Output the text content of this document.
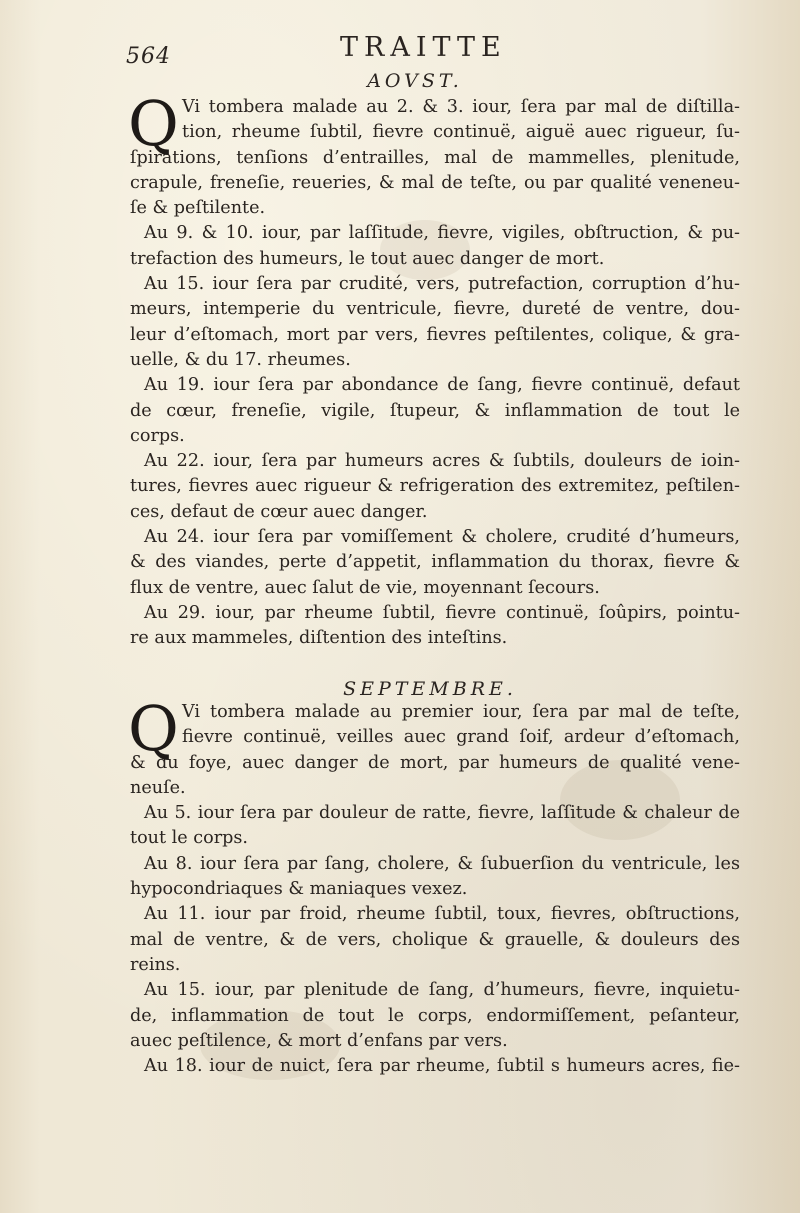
564	TRAITTE
AOVST.
Q Vi tombera malade au 2. & 3. iour, ſera par mal de diſtilla-
tion, rheume ſubtil, fievre continuë, aiguë auec rigueur, ſu-
ſpirations, tenſions d’entrailles, mal de mammelles, plenitude,
crapule, freneſie, reueries, & mal de teſte, ou par qualité veneneu-
ſe & peſtilente.
Au 9. & 10. iour, par laſſitude, fievre, vigiles, obſtruction, & pu-
trefaction des humeurs, le tout auec danger de mort.
Au 15. iour ſera par crudité, vers, putrefaction, corruption d’hu-
meurs, intemperie du ventricule, fievre, dureté de ventre, dou-
leur d’eſtomach, mort par vers, fievres peſtilentes, colique, & gra-
uelle, & du 17. rheumes.
Au 19. iour ſera par abondance de ſang, fievre continuë, defaut
de cœur, freneſie, vigile, ſtupeur, & inflammation de tout le
corps.
Au 22. iour, ſera par humeurs acres & ſubtils, douleurs de ioin-
tures, fievres auec rigueur & refrigeration des extremitez, peſtilen-
ces, defaut de cœur auec danger.
Au 24. iour ſera par vomiſſement & cholere, crudité d’humeurs,
& des viandes, perte d’appetit, inflammation du thorax, fievre &
flux de ventre, auec ſalut de vie, moyennant ſecours.
Au 29. iour, par rheume ſubtil, fievre continuë, ſoûpirs, pointu-
re aux mammeles, diſtention des inteſtins.
SEPTEMBRE.
Q Vi tombera malade au premier iour, ſera par mal de teſte,
fievre continuë, veilles auec grand ſoif, ardeur d’eſtomach,
& du foye, auec danger de mort, par humeurs de qualité vene-
neuſe.
Au 5. iour ſera par douleur de ratte, fievre, laſſitude & chaleur de
tout le corps.
Au 8. iour ſera par ſang, cholere, & ſubuerſion du ventricule, les
hypocondriaques & maniaques vexez.
Au 11. iour par froid, rheume ſubtil, toux, fievres, obſtructions,
mal de ventre, & de vers, cholique & grauelle, & douleurs des
reins.
Au 15. iour, par plenitude de ſang, d’humeurs, fievre, inquietu-
de, inflammation de tout le corps, endormiſſement, peſanteur,
auec peſtilence, & mort d’enfans par vers.
Au 18. iour de nuict, ſera par rheume, ſubtil s humeurs acres, fie-
